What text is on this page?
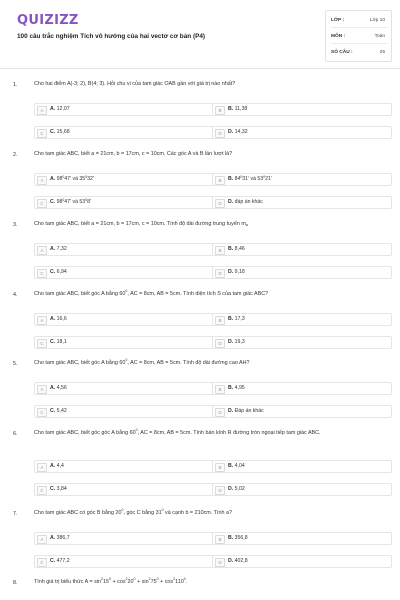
QUIZIZZ
100 câu trắc nghiệm Tích vô hướng của hai vectơ cơ bản (P4)
LỚP :	Lớp 10
MÔN :	Toán
SỐ CÂU :	25
1.	Cho hai điểm A(-3; 2), B(4; 3). Hỏi chu vi của tam giác OAB gần với giá trị nào nhất?
A	A. 12,07	B	B. 11,38
C	C. 15,68	D	D. 14,32
2.	Cho tam giác ABC, biết a = 21cm, b = 17cm, c = 10cm. Các góc A và B lần lượt là?
A	A. $98^047'$ và $35^032'$	B	B. $84^031'$ và $53^021'$
C	C. $98^047'$ và $53^08'$	D	D. đáp án khác
3.	Cho tam giác ABC, biết a = 21cm, b = 17cm, c = 10cm. Tính độ dài đường trung tuyến $m_a$
A	A. 7,32	B	B. 8,46
C	C. 6,94	D	D. 9,18
4.	Cho tam giác ABC, biết góc A bằng $60^0$, AC = 8cm, AB = 5cm. Tính diện tích S của tam giác ABC?
A	A. 16,6	B	B. 17,3
C	C. 18,1	D	D. 19,3
5.	Cho tam giác ABC, biết góc A bằng $60^0$, AC = 8cm, AB = 5cm. Tính độ dài đường cao AH?
A	A. 4,56	B	B. 4,95
C	C. 5,42	D	D. Đáp án khác
6.	Cho tam giác ABC, biết góc góc A bằng $60^0$, AC = 8cm, AB = 5cm. Tính bán kính R đường tròn ngoại tiếp tam giác ABC.
A	A. 4,4	B	B. 4,04
C	C. 3,84	D	D. 5,02
7.	Cho tam giác ABC có góc B bằng $20^0$, góc C bằng $31^0$ và cạnh b = 210cm. Tính a?
A	A. 386,7	B	B. 356,8
C	C. 477,2	D	D. 402,8
8.	Tính giá trị biểu thức $A = \sin^215^0 + \cos^220^0 + \sin^275^0 + \cos^2110^0$.
